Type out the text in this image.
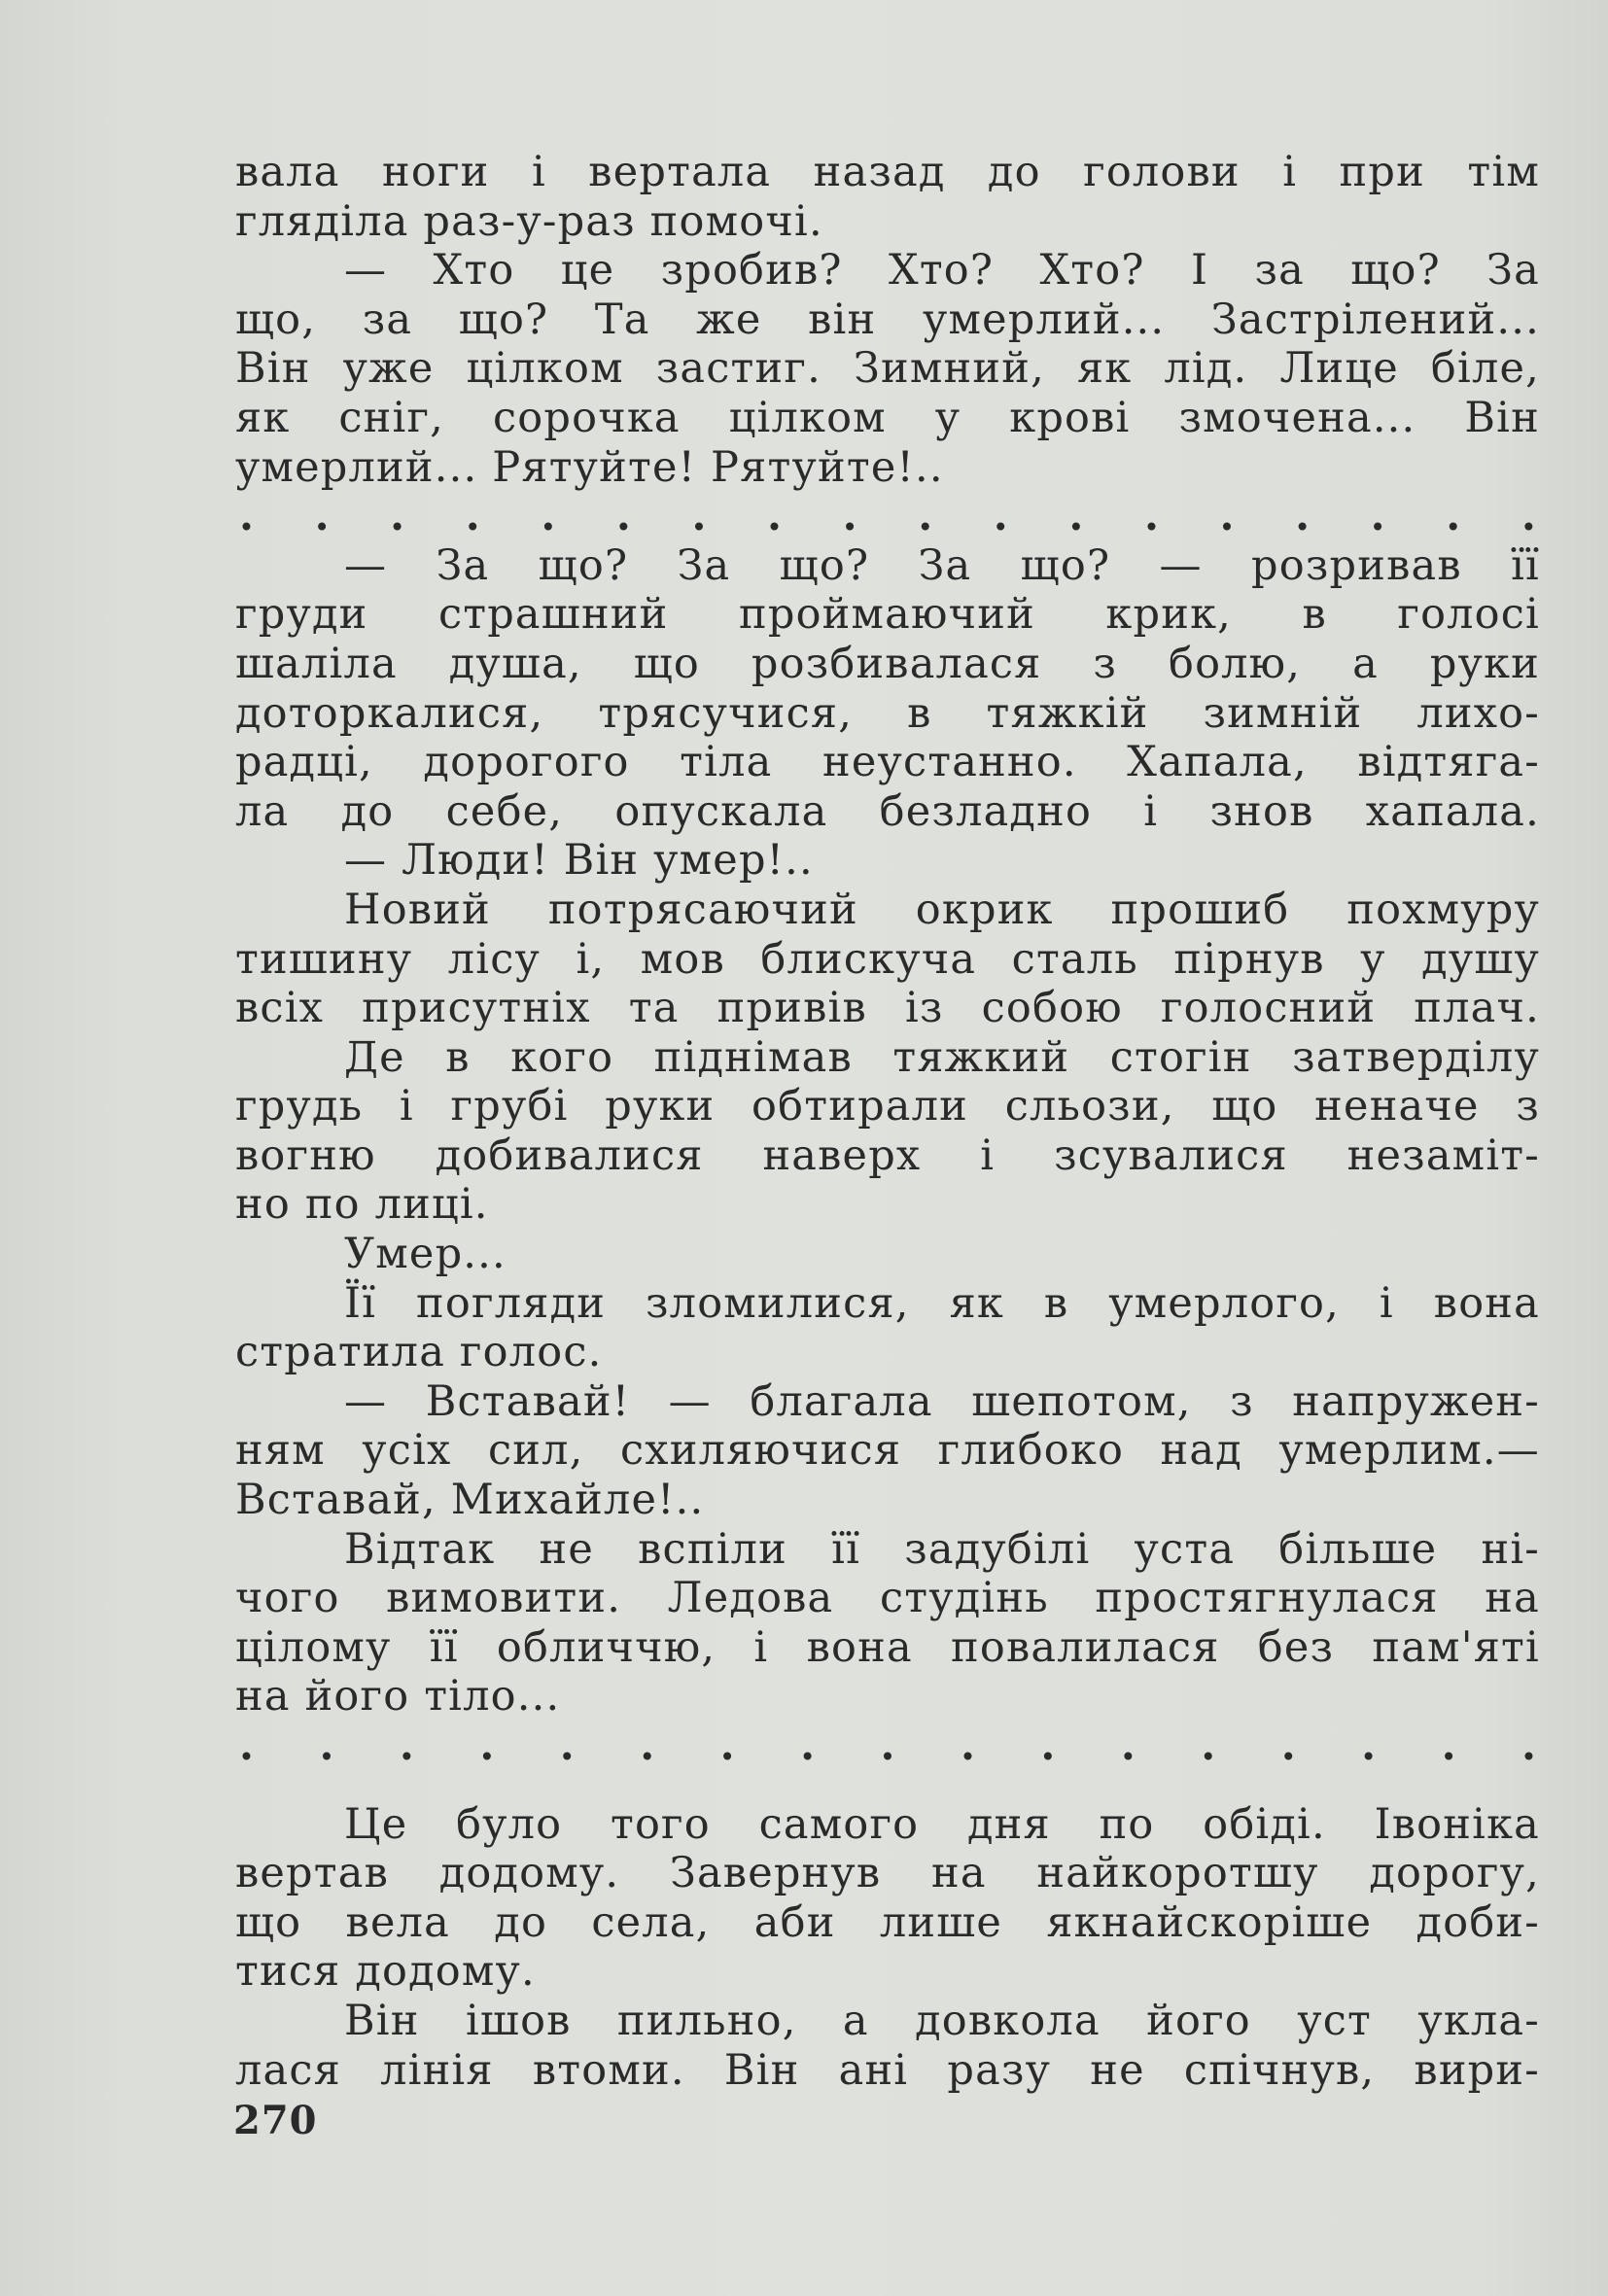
вала ноги і вертала назад до голови і при тім
гляділа раз-у-раз помочі.
— Хто це зробив? Хто? Хто? І за що? За
що, за що? Та же він умерлий... Застрілений...
Він уже цілком застиг. Зимний, як лід. Лице біле,
як сніг, сорочка цілком у крові змочена... Він
умерлий... Рятуйте! Рятуйте!..
. . . . . . . . . . . . . . . . . .
— За що? За що? За що? — розривав її
груди страшний проймаючий крик, в голосі
шаліла душа, що розбивалася з болю, а руки
доторкалися, трясучися, в тяжкій зимній лихо-
радці, дорогого тіла неустанно. Хапала, відтяга-
ла до себе, опускала безладно і знов хапала.
— Люди! Він умер!..
Новий потрясаючий окрик прошиб похмуру
тишину лісу і, мов блискуча сталь пірнув у душу
всіх присутніх та привів із собою голосний плач.
Де в кого піднімав тяжкий стогін затверділу
грудь і грубі руки обтирали сльози, що неначе з
вогню добивалися наверх і зсувалися незаміт-
но по лиці.
Умер...
Її погляди зломилися, як в умерлого, і вона
стратила голос.
— Вставай! — благала шепотом, з напружен-
ням усіх сил, схиляючися глибоко над умерлим.—
Вставай, Михайле!..
Відтак не вспіли її задубілі уста більше ні-
чого вимовити. Ледова студінь простягнулася на
цілому її обличчю, і вона повалилася без пам'яті
на його тіло...
. . . . . . . . . . . . . . . . .
Це було того самого дня по обіді. Івоніка
вертав додому. Завернув на найкоротшу дорогу,
що вела до села, аби лише якнайскоріше доби-
тися додому.
Він ішов пильно, а довкола його уст укла-
лася лінія втоми. Він ані разу не спічнув, вири-
270
